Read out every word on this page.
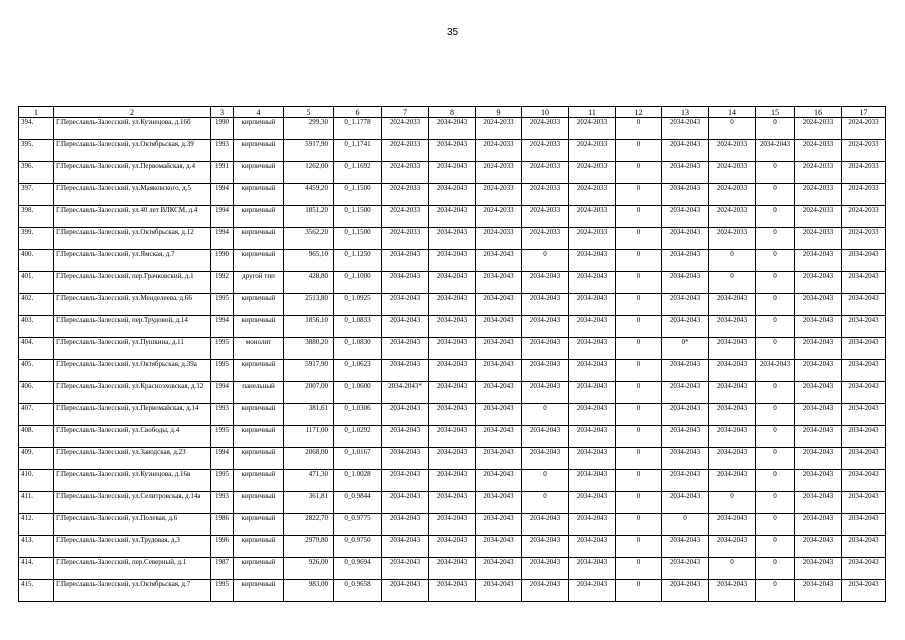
35
1	2	3	4	5	6	7	8	9	10	11	12	13	14	15	16	17
394.	Г.Переславль-Залесский, ул.Кузнецова, д.16б	1990	кирпичный	299,30	0_1.1778	2024-2033	2034-2043	2024-2033	2024-2033	2024-2033	0	2034-2043	0	0	2024-2033	2024-2033
395.	Г.Переславль-Залесский, ул.Октябрьская, д.39	1993	кирпичный	5917,90	0_1.1741	2024-2033	2034-2043	2024-2033	2024-2033	2024-2033	0	2034-2043	2024-2033	2034-2043	2024-2033	2024-2033
396.	Г.Переславль-Залесский, ул.Первомайская, д.4	1991	кирпичный	1262,00	0_1.1692	2024-2033	2034-2043	2024-2033	2024-2033	2024-2033	0	2034-2043	2024-2033	0	2024-2033	2024-2033
397.	Г.Переславль-Залесский, ул.Маяковского, д.5	1994	кирпичный	4459,20	0_1.1500	2024-2033	2034-2043	2024-2033	2024-2033	2024-2033	0	2034-2043	2024-2033	0	2024-2033	2024-2033
398.	Г.Переславль-Залесский, ул.40 лет ВЛКСМ, д.4	1994	кирпичный	1851,20	0_1.1500	2024-2033	2034-2043	2024-2033	2024-2033	2024-2033	0	2034-2043	2024-2033	0	2024-2033	2024-2033
399.	Г.Переславль-Залесский, ул.Октябрьская, д.12	1994	кирпичный	3562,20	0_1.1500	2024-2033	2034-2043	2024-2033	2024-2033	2024-2033	0	2034-2043	2024-2033	0	2024-2033	2024-2033
400.	Г.Переславль-Залесский, ул.Ямская, д.7	1990	кирпичный	965,10	0_1.1250	2034-2043	2034-2043	2034-2043	0	2034-2043	0	2034-2043	0	0	2034-2043	2034-2043
401.	Г.Переславль-Залесский, пер.Грачковский, д.1	1992	другой тип	428,80	0_1.1000	2034-2043	2034-2043	2034-2043	2034-2043	2034-2043	0	2034-2043	0	0	2034-2043	2034-2043
402.	Г.Переславль-Залесский, ул.Менделеева, д.66	1995	кирпичный	2513,80	0_1.0925	2034-2043	2034-2043	2034-2043	2034-2043	2034-2043	0	2034-2043	2034-2043	0	2034-2043	2034-2043
403.	Г.Переславль-Залесский, пер.Трудовой, д.14	1994	кирпичный	1856,10	0_1.0833	2034-2043	2034-2043	2034-2043	2034-2043	2034-2043	0	2034-2043	2034-2043	0	2034-2043	2034-2043
404.	Г.Переславль-Залесский, ул.Пушкина, д.11	1995	монолит	3880,20	0_1.0830	2034-2043	2034-2043	2034-2043	2034-2043	2034-2043	0	0*	2034-2043	0	2034-2043	2034-2043
405.	Г.Переславль-Залесский, ул.Октябрьская, д.39а	1995	кирпичный	5917,90	0_1.0623	2034-2043	2034-2043	2034-2043	2034-2043	2034-2043	0	2034-2043	2034-2043	2034-2043	2034-2043	2034-2043
406.	Г.Переславль-Залесский, ул.Красноэховская, д.12	1994	панельный	2007,00	0_1.0600	2034-2043*	2034-2043	2034-2043	2034-2043	2034-2043	0	2034-2043	2034-2043	0	2034-2043	2034-2043
407.	Г.Переславль-Залесский, ул.Первомайская, д.14	1993	кирпичный	381,61	0_1.0306	2034-2043	2034-2043	2034-2043	0	2034-2043	0	2034-2043	2034-2043	0	2034-2043	2034-2043
408.	Г.Переславль-Залесский, ул.Свободы, д.4	1995	кирпичный	1171,00	0_1.0292	2034-2043	2034-2043	2034-2043	2034-2043	2034-2043	0	2034-2043	2034-2043	0	2034-2043	2034-2043
409.	Г.Переславль-Залесский, ул.Заводская, д.23	1994	кирпичный	2068,00	0_1.0167	2034-2043	2034-2043	2034-2043	2034-2043	2034-2043	0	2034-2043	2034-2043	0	2034-2043	2034-2043
410.	Г.Переславль-Залесский, ул.Кузнецова, д.16в	1995	кирпичный	471,30	0_1.0028	2034-2043	2034-2043	2034-2043	0	2034-2043	0	2034-2043	2034-2043	0	2034-2043	2034-2043
411.	Г.Переславль-Залесский, ул.Селитровская, д.14а	1993	кирпичный	361,81	0_0.9844	2034-2043	2034-2043	2034-2043	0	2034-2043	0	2034-2043	0	0	2034-2043	2034-2043
412.	Г.Переславль-Залесский, ул.Полевая, д.6	1986	кирпичный	2822,70	0_0.9775	2034-2043	2034-2043	2034-2043	2034-2043	2034-2043	0	0	2034-2043	0	2034-2043	2034-2043
413.	Г.Переславль-Залесский, ул.Трудовая, д.3	1996	кирпичный	2979,80	0_0.9750	2034-2043	2034-2043	2034-2043	2034-2043	2034-2043	0	2034-2043	2034-2043	0	2034-2043	2034-2043
414.	Г.Переславль-Залесский, пер.Северный, д.1	1987	кирпичный	926,00	0_0.9694	2034-2043	2034-2043	2034-2043	2034-2043	2034-2043	0	2034-2043	0	0	2034-2043	2034-2043
415.	Г.Переславль-Залесский, ул.Октябрьская, д.7	1995	кирпичный	983,00	0_0.9658	2034-2043	2034-2043	2034-2043	2034-2043	2034-2043	0	2034-2043	2034-2043	0	2034-2043	2034-2043
